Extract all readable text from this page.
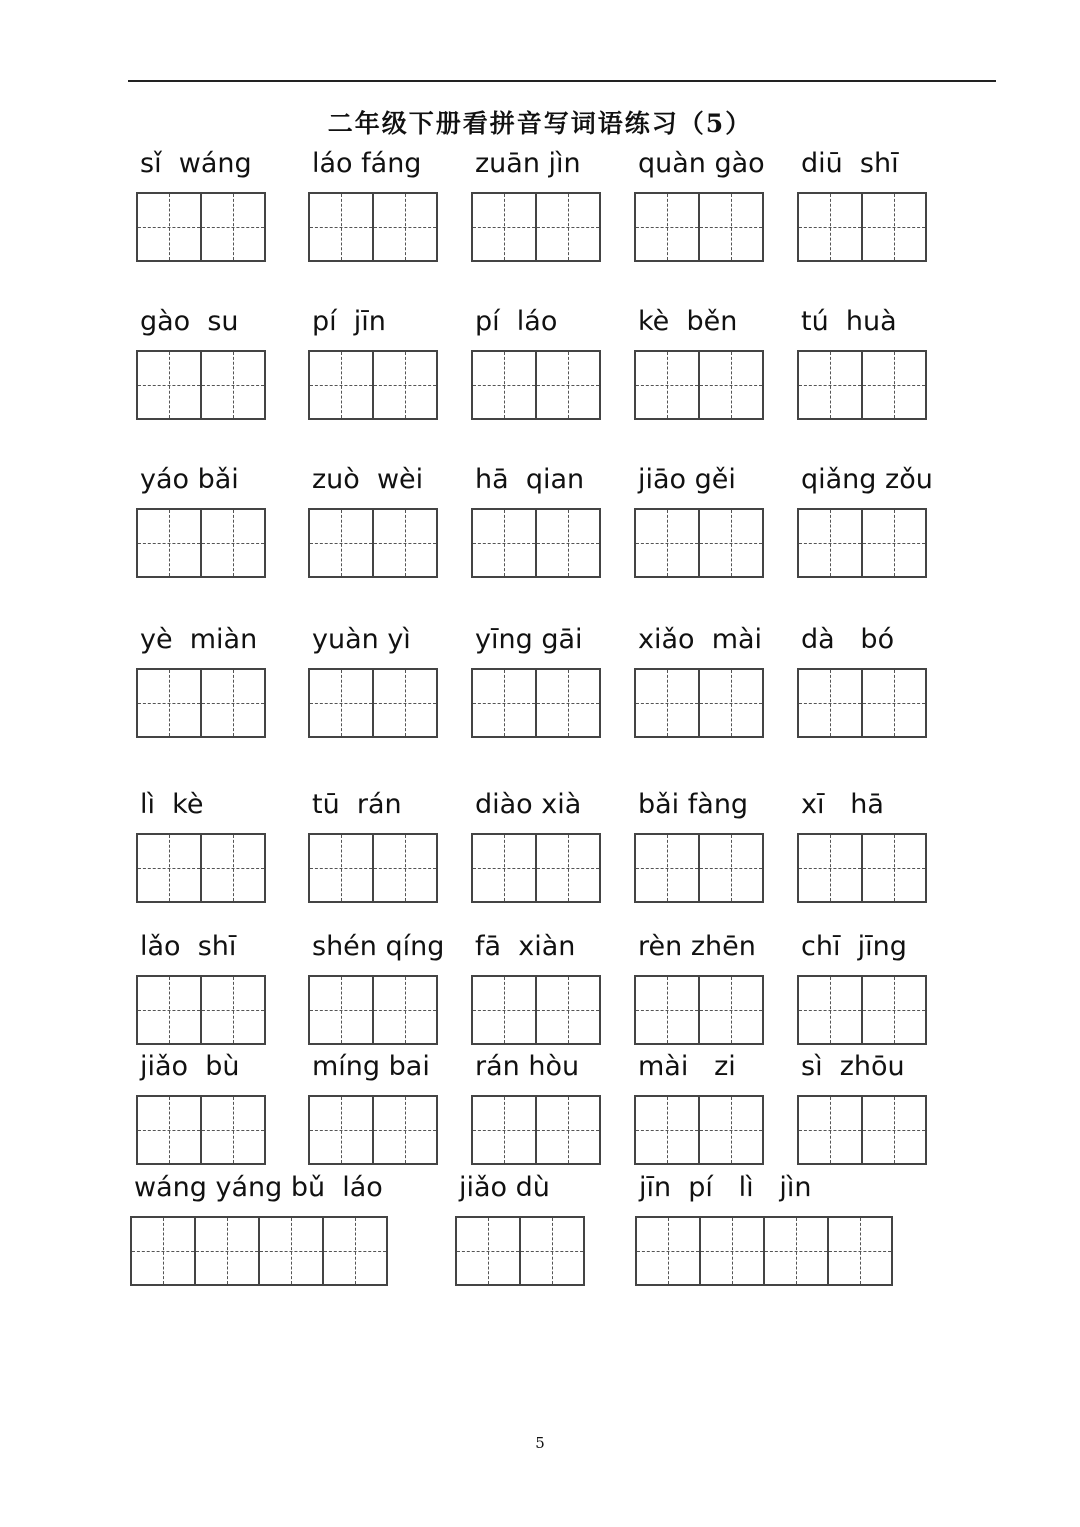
二年级下册看拼音写词语练习（5）
sǐ  wáng láo fáng zuān jìn quàn gào diū  shī
gào  su	pí  jīn	pí  láo	kè  běn tú  huà
yáo bǎi	zuò  wèi hā  qian jiāo gěi qiǎng zǒu
yè  miàn yuàn yì yīng gāi xiǎo  mài dà   bó
lì  kè	tū  rán	diào xià bǎi fàng xī   hā
lǎo  shī	shén qíng fā  xiàn rèn zhēn chī  jīng
jiǎo  bù	míng bai rán hòu mài   zi sì  zhōu
wáng yáng bǔ  láo	jiǎo dù	jīn  pí   lì   jìn
5
